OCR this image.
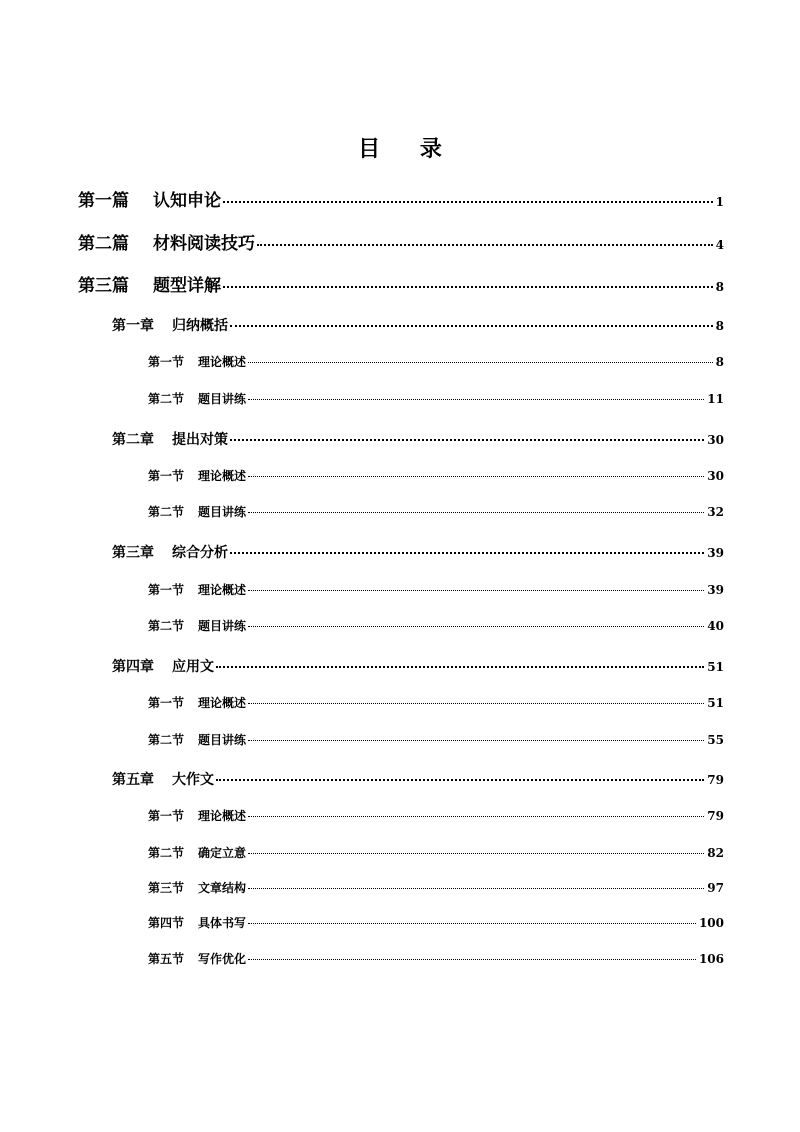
目 录
第一篇 认知申论	1
第二篇 材料阅读技巧	4
第三篇 题型详解	8
第一章 归纳概括	8
第一节 理论概述	8
第二节 题目讲练	11
第二章 提出对策	30
第一节 理论概述	30
第二节 题目讲练	32
第三章 综合分析	39
第一节 理论概述	39
第二节 题目讲练	40
第四章 应用文	51
第一节 理论概述	51
第二节 题目讲练	55
第五章 大作文	79
第一节 理论概述	79
第二节 确定立意	82
第三节 文章结构	97
第四节 具体书写	100
第五节 写作优化	106
